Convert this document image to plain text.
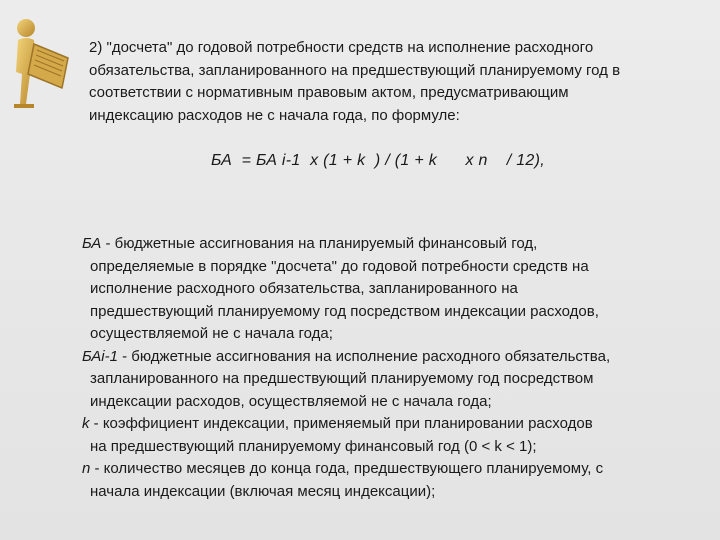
2) "досчета" до годовой потребности средств на исполнение расходного
обязательства, запланированного на предшествующий планируемому год в
соответствии с нормативным правовым актом, предусматривающим
индексацию расходов не с начала года, по формуле:
БА  = БА i-1  х (1 + k  ) / (1 + k      х n    / 12),
БА - бюджетные ассигнования на планируемый финансовый год,
определяемые в порядке "досчета" до годовой потребности средств на
исполнение расходного обязательства, запланированного на
предшествующий планируемому год посредством индексации расходов,
осуществляемой не с начала года;
БАi-1 - бюджетные ассигнования на исполнение расходного обязательства,
запланированного на предшествующий планируемому год посредством
индексации расходов, осуществляемой не с начала года;
k - коэффициент индексации, применяемый при планировании расходов
на предшествующий планируемому финансовый год (0 < k < 1);
n - количество месяцев до конца года, предшествующего планируемому, с
начала индексации (включая месяц индексации);
